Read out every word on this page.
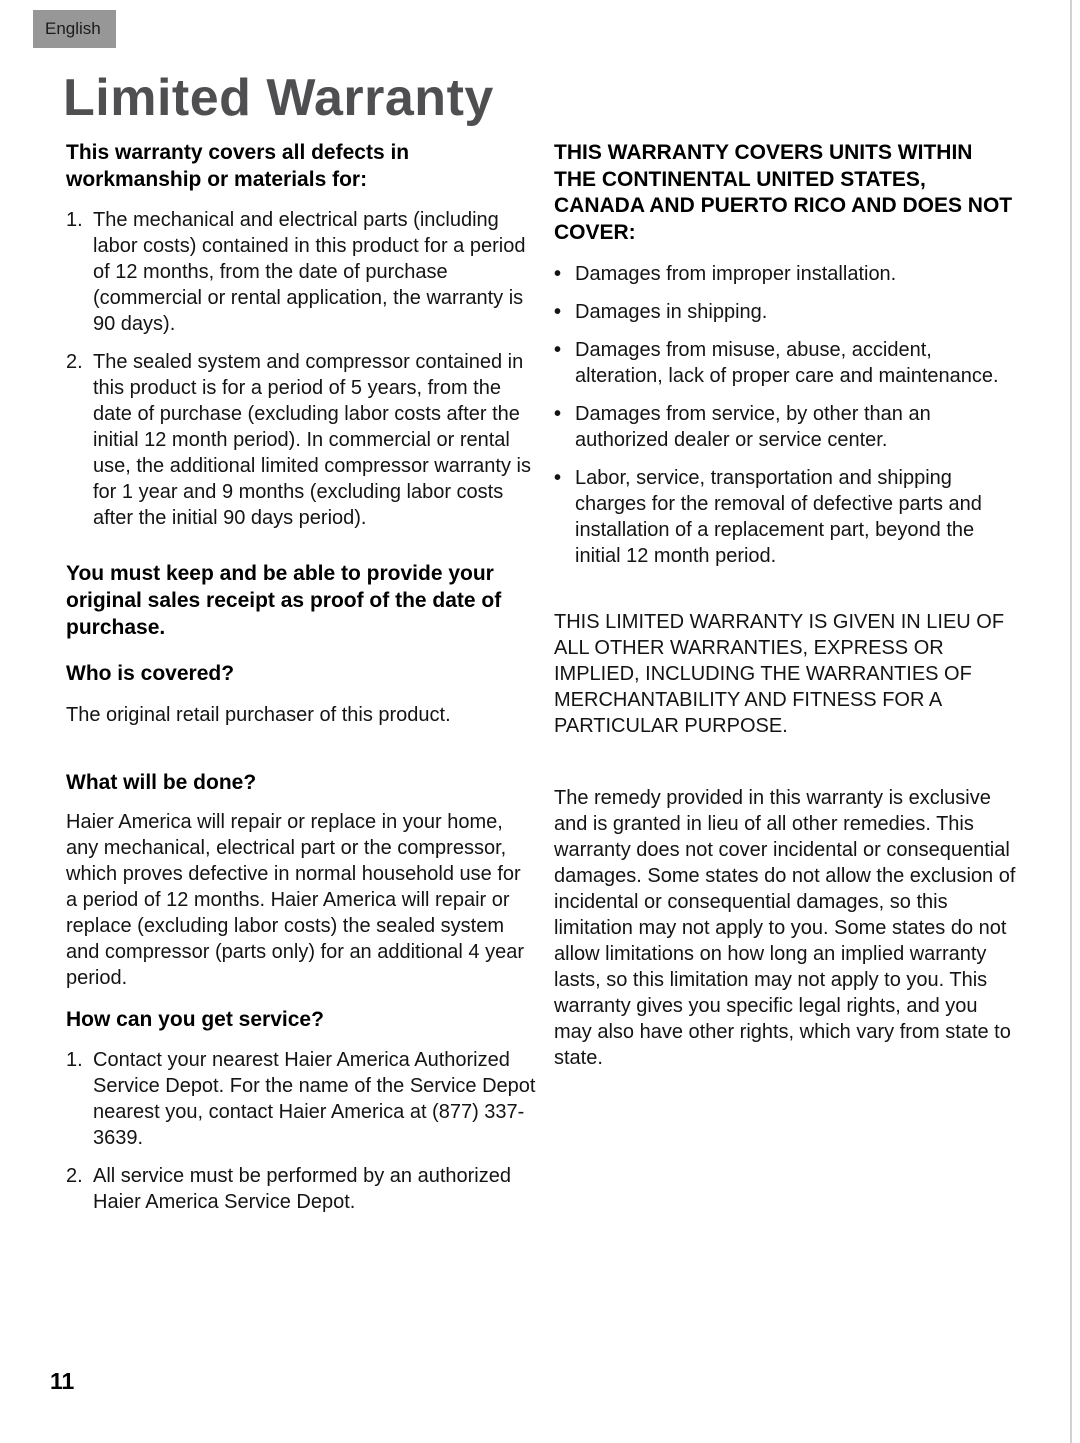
English
Limited Warranty
This warranty covers all defects in workmanship or materials for:
1. The mechanical and electrical parts (including labor costs) contained in this product for a period of 12 months, from the date of purchase (commercial or rental application, the warranty is 90 days).
2. The sealed system and compressor contained in this product is for a period of 5 years, from the date of purchase (excluding labor costs after the initial 12 month period). In commercial or rental use, the additional limited compressor warranty is for 1 year and 9 months (excluding labor costs after the initial 90 days period).
You must keep and be able to provide your original sales receipt as proof of the date of purchase.
Who is covered?
The original retail purchaser of this product.
What will be done?
Haier America will repair or replace in your home, any mechanical, electrical part or the compressor, which proves defective in normal household use for a period of 12 months. Haier America will repair or replace (excluding labor costs) the sealed system and compressor (parts only) for an additional 4 year period.
How can you get service?
1. Contact your nearest Haier America Authorized Service Depot. For the name of the Service Depot nearest you, contact Haier America at (877) 337-3639.
2. All service must be performed by an authorized Haier America Service Depot.
THIS WARRANTY COVERS UNITS WITHIN THE CONTINENTAL UNITED STATES, CANADA AND PUERTO RICO AND DOES NOT COVER:
• Damages from improper installation.
• Damages in shipping.
• Damages from misuse, abuse, accident, alteration, lack of proper care and maintenance.
• Damages from service, by other than an authorized dealer or service center.
• Labor, service, transportation and shipping charges for the removal of defective parts and installation of a replacement part, beyond the initial 12 month period.
THIS LIMITED WARRANTY IS GIVEN IN LIEU OF ALL OTHER WARRANTIES, EXPRESS OR IMPLIED, INCLUDING THE WARRANTIES OF MERCHANTABILITY AND FITNESS FOR A PARTICULAR PURPOSE.
The remedy provided in this warranty is exclusive and is granted in lieu of all other remedies. This warranty does not cover incidental or consequential damages. Some states do not allow the exclusion of incidental or consequential damages, so this limitation may not apply to you. Some states do not allow limitations on how long an implied warranty lasts, so this limitation may not apply to you. This warranty gives you specific legal rights, and you may also have other rights, which vary from state to state.
11
